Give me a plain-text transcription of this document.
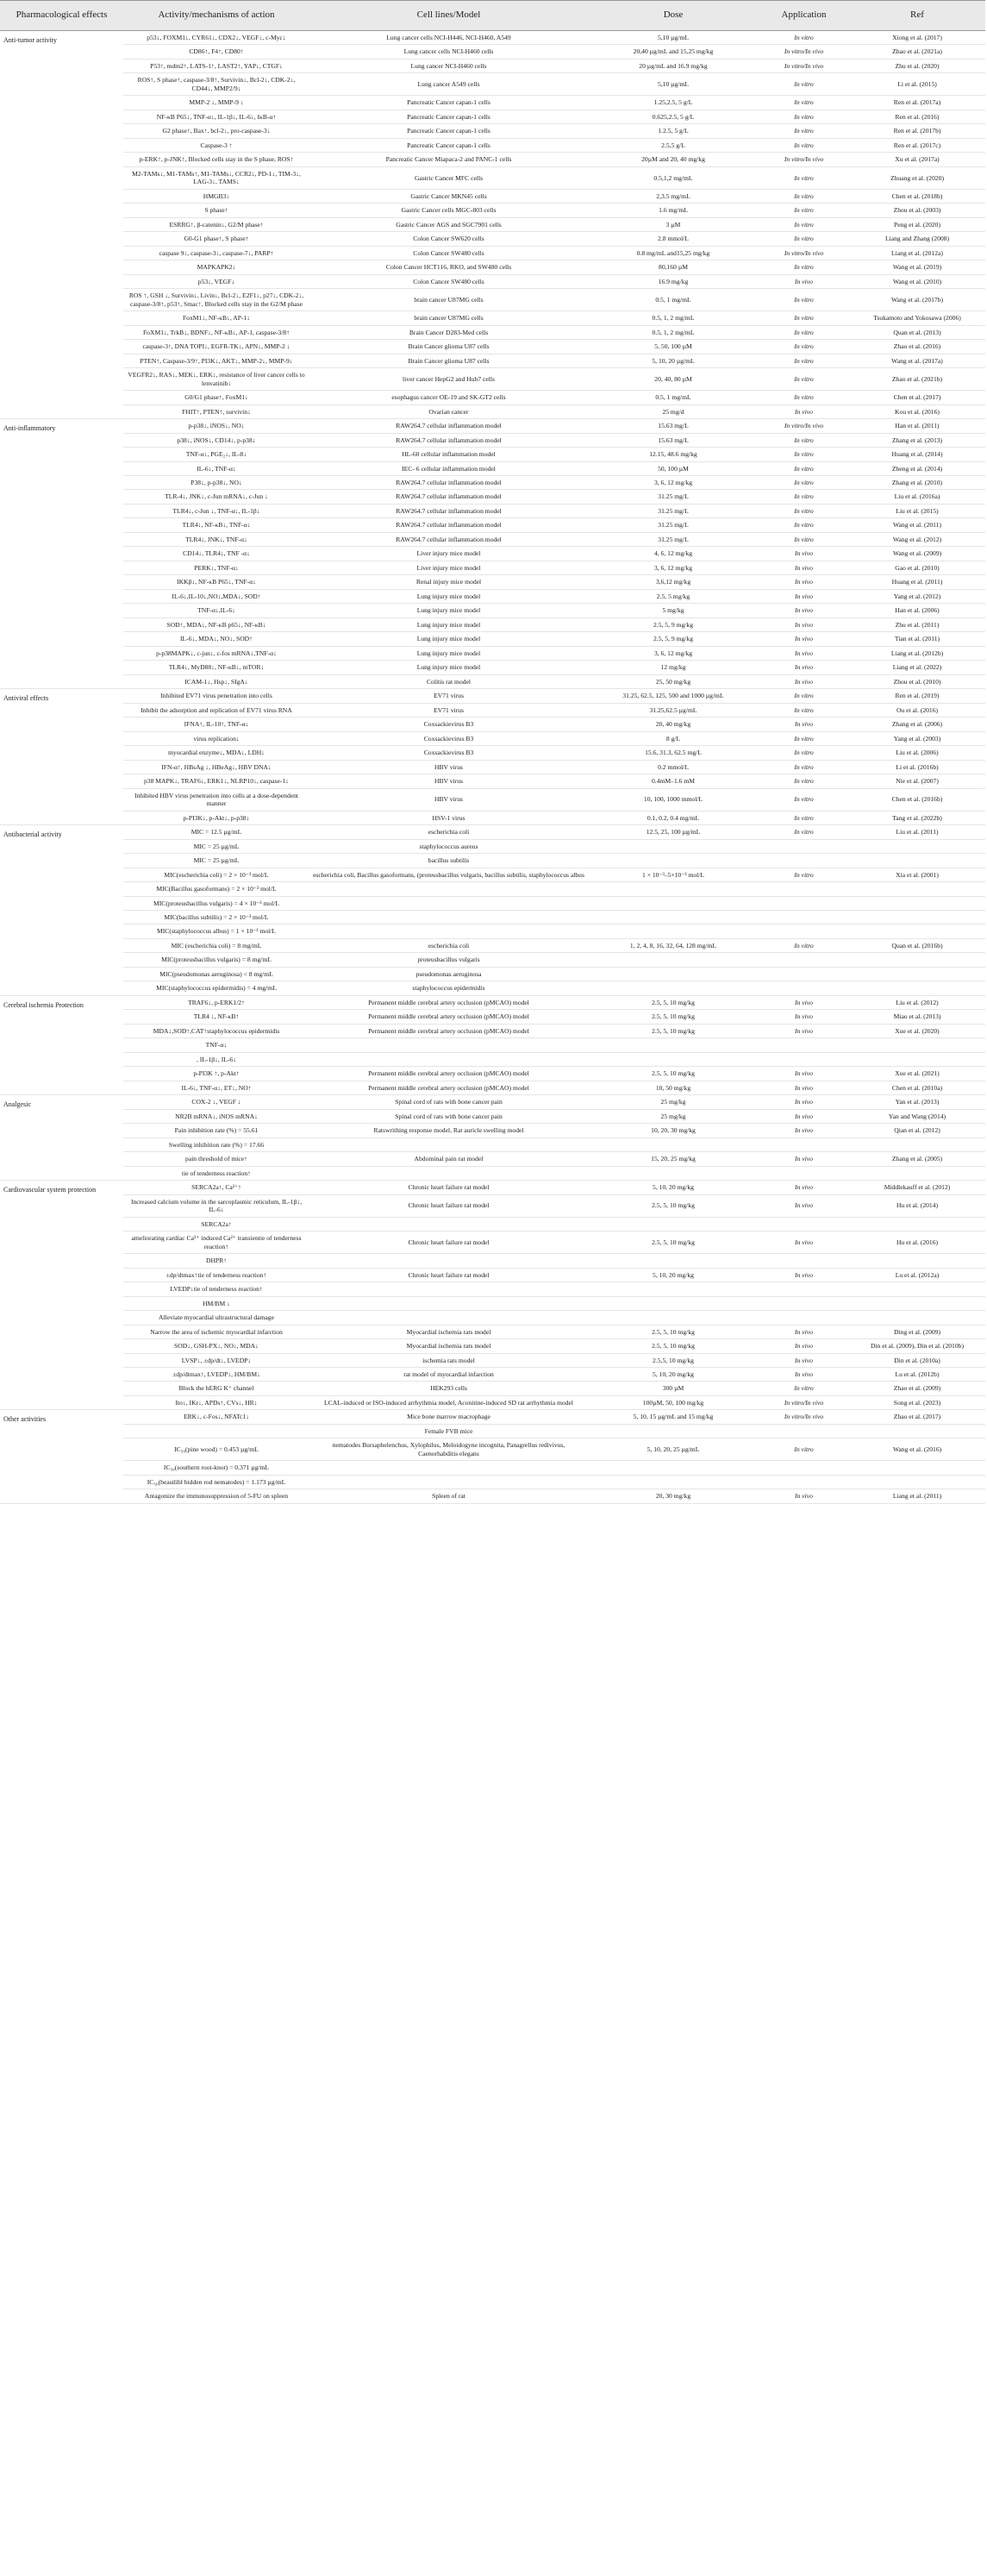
Pharmacological effects	Activity/mechanisms of action	Cell lines/Model	Dose	Application	Ref
Anti-tumor activity	p53↓, FOXM1↓, CYR61↓, CDX2↓, VEGF↓, c-Myc↓	Lung cancer cells NCI-H446, NCI-H460, A549	5,10 µg/mL	In vitro	Xiong et al. (2017)
	CD86↑, F4↑, CD80↑	Lung cancer cells NCI-H460 cells	20,40 µg/mL and 15,25 mg/kg	In vitro/In vivo	Zhao et al. (2021a)
	P53↑, mdm2↑, LATS-1↑, LAST2↑, YAP↓, CTGF↓	Lung cancer NCI-H460 cells	20 µg/mL and 16.9 mg/kg	In vitro/In vivo	Zhu et al. (2020)
	ROS↑, S phase↑, caspase-3/8↑, Survivin↓, Bcl-2↓, CDK-2↓, CD44↓, MMP2/9↓	Lung cancer A549 cells	5,10 µg/mL	In vitro	Li et al. (2015)
	MMP-2 ↓, MMP-9 ↓	Pancreatic Cancer capan-1 cells	1.25,2.5, 5 g/L	In vitro	Ren et al. (2017a)
	NF-κB P65↓, TNF-α↓, IL-1β↓, IL-6↓, IκB-α↑	Pancreatic Cancer capan-1 cells	0.625,2.5, 5 g/L	In vitro	Ren et al. (2016)
	G2 phase↑, Bax↑, bcl-2↓, pro-caspase-3↓	Pancreatic Cancer capan-1 cells	1.2.5, 5 g/L	In vitro	Ren et al. (2017b)
	Caspase-3 ↑	Pancreatic Cancer capan-1 cells	2.5,5 g/L	In vitro	Ren et al. (2017c)
	p-ERK↑, p-JNK↑, Blocked cells stay in the S phase, ROS↑	Pancreatic Cancer Miapaca-2 and PANC-1 cells	20µM and 20, 40 mg/kg	In vitro/In vivo	Xu et al. (2017a)
	M2-TAMs↓, M1-TAMs↑, M1-TAMs↓, CCR2↓, PD-1↓, TIM-3↓, LAG-3↓, TAMS↓	Gastric Cancer MFC cells	0.5,1,2 mg/mL	In vitro	Zhuang et al. (2020)
	HMGB3↓	Gastric Cancer MKN45 cells	2,3.5 mg/mL	In vitro	Chen et al. (2018b)
	S phase↑	Gastric Cancer cells MGC-803 cells	1.6 mg/mL	In vitro	Zhou et al. (2003)
	ESRRG↑, β-catenin↓, G2/M phase↑	Gastric Cancer AGS and SGC7901 cells	3 µM	In vitro	Peng et al. (2020)
	G0-G1 phase↑, S phase↑	Colon Cancer SW620 cells	2.8 mmol/L	In vitro	Liang and Zhang (2008)
	caspase 9↓, caspase-3↓, caspase-7↓, PARP↑	Colon Cancer SW480 cells	0.8 mg/mL and15,25 mg/kg	In vitro/In vivo	Liang et al. (2012a)
	MAPKAPK2↓	Colon Cancer HCT116, RKO, and SW480 cells	80,160 µM	In vitro	Wang et al. (2019)
	p53↓, VEGF↓	Colon Cancer SW480 cells	16.9 mg/kg	In vivo	Wang et al. (2010)
	ROS ↑, GSH ↓, Survivin↓, Livin↓, Bcl-2↓, E2F1↓, p27↓, CDK-2↓, caspase-3/8↑, p53↑, Smac↑, Blocked cells stay in the G2/M phase	brain cancer U87MG cells	0.5, 1 mg/mL	In vitro	Wang et al. (2017b)
	FoxM1↓, NF-κB↓, AP-1↓	brain cancer U87MG cells	0.5, 1, 2 mg/mL	In vitro	Tsukamoto and Yokosawa (2006)
	FoXM1↓, TrkB↓, BDNF↓, NF-κB↓, AP-1, caspase-3/8↑	Brain Cancer D283-Med cells	0.5, 1, 2 mg/mL	In vitro	Quan et al. (2013)
	caspase-3↑, DNA TOPI↓, EGFR-TK↓, APN↓, MMP-2 ↓	Brain Cancer glioma U87 cells	5, 50, 100 µM	In vitro	Zhao et al. (2016)
	PTEN↑, Caspase-3/9↑, PI3K↓, AKT↓, MMP-2↓, MMP-9↓	Brain Cancer glioma U87 cells	5, 10, 20 µg/mL	In vitro	Wang et al. (2017a)
	VEGFR2↓, RAS↓, MEK↓, ERK↓, resistance of liver cancer cells to lenvatinib↓	liver cancer HepG2 and Huh7 cells	20, 40, 80 µM	In vitro	Zhao et al. (2021b)
	G0/G1 phase↑, FoxM1↓	esophagus cancer OE-19 and SK-GT2 cells	0.5, 1 mg/mL	In vitro	Chen et al. (2017)
	FHIT↑, PTEN↑, survivin↓	Ovarian cancer	25 mg/d	In vivo	Kou et al. (2016)
Anti-inflammatory	p-p38↓, iNOS↓, NO↓	RAW264.7 cellular inflammation model	15.63 mg/L	In vitro/In vivo	Han et al. (2011)
	p38↓, iNOS↓, CD14↓, p-p38↓	RAW264.7 cellular inflammation model	15.63 mg/L	In vitro	Zhang et al. (2013)
	TNF-α↓, PGE₂↓, IL-8↓	HL-60 cellular inflammation model	12.15, 48.6 mg/kg	In vitro	Huang et al. (2014)
	IL-6↓, TNF-α↓	IEC- 6 cellular inflammation model	50, 100 µM	In vitro	Zheng et al. (2014)
	P38↓, p-p38↓, NO↓	RAW264.7 cellular inflammation model	3, 6, 12 mg/kg	In vitro	Zhang et al. (2010)
	TLR-4↓, JNK↓, c-Jun mRNA↓, c-Jun ↓	RAW264.7 cellular inflammation model	31.25 mg/L	In vitro	Liu et al. (2016a)
	TLR4↓, c-Jun ↓, TNF-α↓, IL-1β↓	RAW264.7 cellular inflammation model	31.25 mg/L	In vitro	Liu et al. (2015)
	TLR4↓, NF-κB↓, TNF-α↓	RAW264.7 cellular inflammation model	31.25 mg/L	In vitro	Wang et al. (2011)
	TLR4↓, JNK↓, TNF-α↓	RAW264.7 cellular inflammation model	31.25 mg/L	In vitro	Wang et al. (2012)
	CD14↓, TLR4↓, TNF -α↓	Liver injury mice model	4, 6, 12 mg/kg	In vivo	Wang et al. (2009)
	PERK↓, TNF-α↓	Liver injury mice model	3, 6, 12 mg/kg	In vivo	Gao et al. (2010)
	IKKβ↓, NF-κB P65↓, TNF-α↓	Renal injury mice model	3,6,12 mg/kg	In vivo	Huang et al. (2011)
	IL-6↓,IL-10↓,NO↓,MDA↓, SOD↑	Lung injury mice model	2.5, 5 mg/kg	In vivo	Yang et al. (2012)
	TNF-α↓,IL-6↓	Lung injury mice model	5 mg/kg	In vivo	Han et al. (2006)
	SOD↑, MDA↓, NF-κB p65↓, NF-κB↓	Lung injury mice model	2.5, 5, 9 mg/kg	In vivo	Zhu et al. (2011)
	IL-6↓, MDA↓, NO↓, SOD↑	Lung injury mice model	2.5, 5, 9 mg/kg	In vivo	Tian et al. (2011)
	p-p38MAPK↓, c-jun↓, c-fos mRNA↓,TNF-α↓	Lung injury mice model	3, 6, 12 mg/kg	In vivo	Liang et al. (2012b)
	TLR4↓, MyD88↓, NF-κB↓, mTOR↓	Lung injury mice model	12 mg/kg	In vivo	Liang et al. (2022)
	ICAM-1↓, Hsp↓, SIgA↓	Colitis rat model	25, 50 mg/kg	In vivo	Zhou et al. (2010)
Antiviral effects	Inhibited EV71 virus penetration into cells	EV71 virus	31.25, 62.5, 125, 500 and 1000 µg/mL	In vitro	Ren et al. (2019)
	Inhibit the adsorption and replication of EV71 virus RNA	EV71 virus	31.25,62.5 µg/mL	In vitro	Ou et al. (2016)
	IFNA↑, IL-10↑, TNF-α↓	Coxsackievirus B3	20, 40 mg/kg	In vivo	Zhang et al. (2006)
	virus replication↓	Coxsackievirus B3	8 g/L	In vitro	Yang et al. (2003)
	myocardial enzyme↓, MDA↓, LDH↓	Coxsackievirus B3	15.6, 31.3, 62.5 mg/L	In vitro	Liu et al. (2006)
	IFN-α↑, HBsAg ↓, HBeAg↓, HBV DNA↓	HBV virus	0.2 mmol/L	In vitro	Li et al. (2016b)
	p38 MAPK↓, TRAF6↓, ERK1↓, NLRP10↓, caspase-1↓	HBV virus	0.4mM–1.6 mM	In vitro	Nie et al. (2007)
	Inhibited HBV virus penetration into cells at a dose-dependent manner	HBV virus	10, 100, 1000 mmol/L	In vitro	Chen et al. (2016b)
	p-PI3K↓, p-Akt↓, p-p38↓	HSV-1 virus	0.1, 0.2, 0.4 mg/mL	In vitro	Tang et al. (2022b)
Antibacterial activity	MIC = 12.5 µg/mL	escherichia coli	12.5, 25, 100 µg/mL	In vitro	Liu et al. (2011)
	MIC = 25 µg/mL	staphylococcus aureus			
	MIC = 25 µg/mL	bacillus subtilis			
	MIC(escherichia coli) = 2 × 10⁻³ mol/L	escherichia coli, Bacillus gasoformans, (proteusbacillus vulgaris, bacillus subtilis, staphylococcus albus	1 × 10⁻³–5×10⁻³ mol/L	In vitro	Xia et al. (2001)
	MIC(Bacillus gasoformans) = 2 × 10⁻³ mol/L				
	MIC(proteusbacillus vulgaris) = 4 × 10⁻³ mol/L				
	MIC(bacillus subtilis) = 2 × 10⁻³ mol/L				
	MIC(staphylococcus albus) = 1 × 10⁻³ mol/L				
	MIC (escherichia coli) = 8 mg/mL	escherichia coli	1, 2, 4, 8, 16, 32, 64, 128 mg/mL	In vitro	Quan et al. (2016b)
	MIC(proteusbacillus vulgaris) = 8 mg/mL	proteusbacillus vulgaris			
	MIC(pseudomonas aeruginosa) < 8 mg/mL	pseudomonas aeruginosa			
	MIC(staphylococcus epidermidis) = 4 mg/mL	staphylococcus epidermidis			
Cerebral ischemia Protection	TRAF6↓, p-ERK1/2↑	Permanent middle cerebral artery occlusion (pMCAO) model	2.5, 5, 10 mg/kg	In vivo	Liu et al. (2012)
	TLR4 ↓, NF-κB↑	Permanent middle cerebral artery occlusion (pMCAO) model	2.5, 5, 10 mg/kg	In vivo	Miao et al. (2013)
	MDA↓,SOD↑,CAT↑staphylococcus epidermidis	Permanent middle cerebral artery occlusion (pMCAO) model	2.5, 5, 10 mg/kg	In vivo	Xue et al. (2020)
	TNF-α↓				
	, IL-1β↓, IL-6↓				
	p-PI3K ↑, p-Akt↑	Permanent middle cerebral artery occlusion (pMCAO) model	2.5, 5, 10 mg/kg	In vivo	Xue et al. (2021)
	IL-6↓, TNF-α↓, ET↓, NO↑	Permanent middle cerebral artery occlusion (pMCAO) model	10, 50 mg/kg	In vivo	Chen et al. (2010a)
Analgesic	COX-2 ↓, VEGF ↓	Spinal cord of rats with bone cancer pain	25 mg/kg	In vivo	Yan et al. (2013)
	NR2B mRNA↓, iNOS mRNA↓	Spinal cord of rats with bone cancer pain	25 mg/kg	In vivo	Yan and Wang (2014)
	Pain inhibition rate (%) = 55.61	Ratswrithing response model, Rat auricle swelling model	10, 20, 30 mg/kg	In vivo	Qian et al. (2012)
	Swelling inhibition rate (%) = 17.66				
	pain threshold of mice↑	Abdominal pain rat model	15, 20, 25 mg/kg	In vivo	Zhang et al. (2005)
	tie of tenderness reaction↑				
Cardiovascular system protection	SERCA2a↑, Ca²⁺↑	Chronic heart failure rat model	5, 10, 20 mg/kg	In vivo	Middlekauff et al. (2012)
	Increased calcium volume in the sarcoplasmic reticulum, IL-1β↓, IL-6↓	Chronic heart failure rat model	2.5, 5, 10 mg/kg	In vivo	Hu et al. (2014)
	SERCA2a↑				
	ameliorating cardiac Ca²⁺ induced Ca²⁺ transientie of tenderness reaction↑	Chronic heart failure rat model	2.5, 5, 10 mg/kg	In vivo	Hu et al. (2016)
	DHPR↑				
	±dp/dtmax↑tie of tenderness reaction↑	Chronic heart failure rat model	5, 10, 20 mg/kg	In vivo	Lu et al. (2012a)
	LVEDP↓tie of tenderness reaction↑				
	HM/BM ↓				
	Alleviate myocardial ultrastructural damage				
	Narrow the area of ischemic myocardial infarction	Myocardial ischemia rats model	2.5, 5, 10 mg/kg	In vivo	Ding et al. (2009)
	SOD↓, GSH-PX↓, NO↓, MDA↓	Myocardial ischemia rats model	2.5, 5, 10 mg/kg	In vivo	Din et al. (2009), Din et al. (2010b)
	LVSP↓, ±dp/dt↓, LVEDP↓	ischemia rats model	2.5,5, 10 mg/kg	In vivo	Din et al. (2010a)
	±dp/dtmax↑, LVEDP↓, HM/BM↓	rat model of myocardial infarction	5, 10, 20 mg/kg	In vivo	Lu et al. (2012b)
	Block the hERG K⁺ channel	HEK293 cells	300 µM	In vitro	Zhao et al. (2009)
	Ito↓, IKr↓, APDs↑, CVs↓, HR↓	LCAL-induced or ISO-induced arrhythmia model, Aconitine-induced SD rat arrhythmia model	100µM, 50, 100 mg/kg	In vitro/In vivo	Song et al. (2023)
Other activities	ERK↓, c-Fos↓, NFATc1↓	Mice bone marrow macrophage	5, 10, 15 µg/mL and 15 mg/kg	In vitro/In vivo	Zhao et al. (2017)
		Female FVB mice			
	IC₅₀(pine wood) = 0.453 µg/mL	nematodes Bursaphelenchus, Xylophilus, Meloidogyne incognita, Panagrellus redivivus, Caenorhabditis elegans	5, 10, 20, 25 µg/mL	In vitro	Wang et al. (2016)
	IC₅₀(southern root-knot) = 0.371 µg/mL				
	IC₅₀(beastlibl bidden rod nematodes) = 1.173 µg/mL				
	Antagonize the immunosuppression of 5-FU on spleen	Spleen of rat	20, 30 mg/kg	In vivo	Liang et al. (2011)
